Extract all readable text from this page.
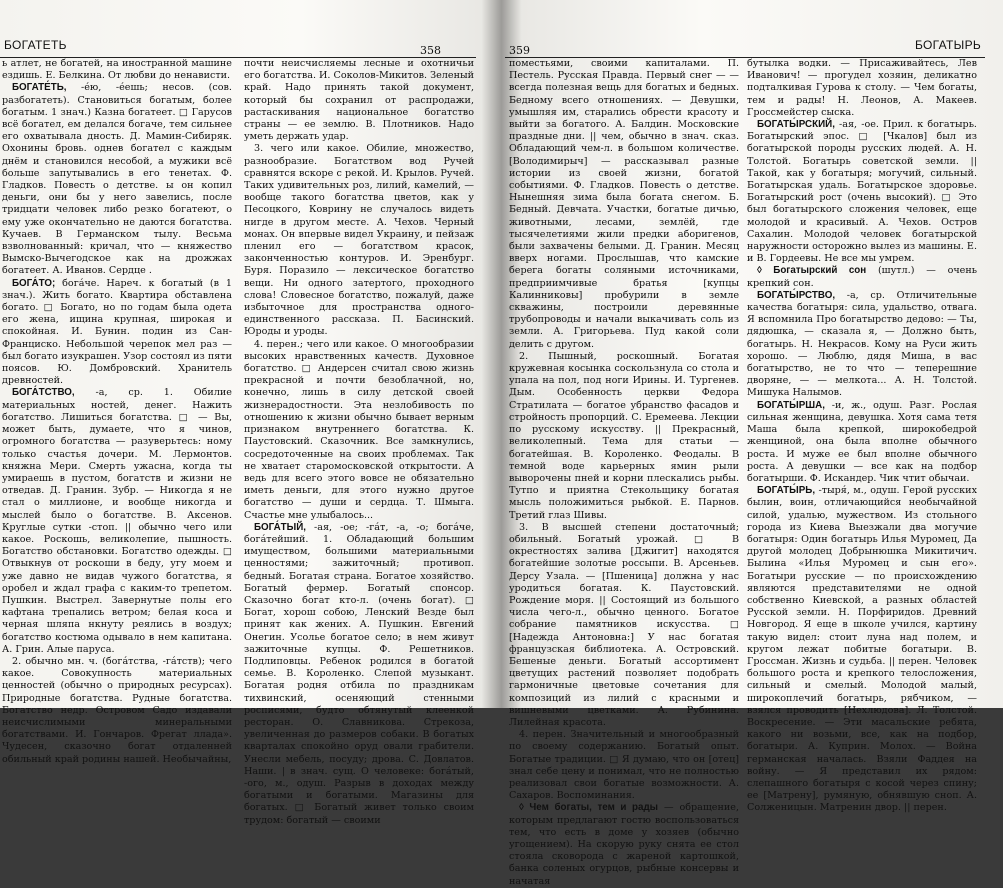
БОГАТЕТЬ	358

ь атлет, не богатей, на иностранной машине ездишь. Е. Белкина. От любви до ненависти.

БОГАТЕ́ТЬ, -е́ю, -е́ешь; несов. (сов. разбогатеть). Становиться богатым, более богатым. 1 знач.) Казна богатеет. □ Гарусов всё богател, ем делался богаче, тем сильнее его охватывала дность. Д. Мамин-Сибиряк. Охонины бровь. однев богател с каждым днём и становился несобой, а мужики всё больше запутывались в его тенетах. Ф. Гладков. Повесть о детстве. ы он копил деньги, они бы у него завелись, после тридцати человек либо резко богатеют, о ему уже окончательно не даются богатства. Кучаев. В Германском тылу. Весьма взволнованный: кричал, что — княжество Вымско-Вычегодское как на дрожжах богатеет. А. Иванов. Сердце .

БОГА́ТО; бога́че. Нареч. к богатый (в 1 знач.). Жить богато. Квартира обставлена богато. □ Богато, но по годам была одета его жена, ищина крупная, широкая и спокойная. И. Бунин. подин из Сан-Франциско. Небольшой черепок мел раз — был богато изукрашен. Узор состоял из пяти поясов. Ю. Домбровский. Хранитель древностей.

БОГА́ТСТВО, -а, ср. 1. Обилие материальных ностей, денег. Нажить богатство. Лишиться богатства. □ — Вы, может быть, думаете, что я чинов, огромного богатства — разуверьтесь: ному только счастья дочери. М. Лермонтов. княжна Мери. Смерть ужасна, когда ты умираешь в пустом, богатств и жизни не отведав. Д. Гранин. Зубр. — Никогда я не стал о миллионе, и вообще никогда и мыслей было о богатстве. В. Аксенов. Круглые сутки -стоп. || обычно чего или какое. Роскошь, великолепие, пышность. Богатство обстановки. Богатство одежды. □ Отвыкнув от роскоши в беду, угу моем и уже давно не видав чужого богатства, я оробел и ждал графа с каким-то трепетом. Пушкин. Выстрел. Завернутые полы его кафтана трепались ветром; белая коса и черная шляпа нкнуту реялись в воздух; богатство костюма одывало в нем капитана. А. Грин. Алые паруса.

2. обычно мн. ч. (бога́тства, -га́тств); чего какое. Совокупность материальных ценностей (обычно о природных ресурсах). Природные богатства. Рудные богатства. Богатство недр. Островом Садо издавали неисчислимыми минеральными богатствами. И. Гончаров. Фрегат ллада». Чудесен, сказочно богат отдаленней обильный край родины нашей. Необычайны,

почти неисчисляемы лесные и охотничьи его богатства. И. Соколов-Микитов. Зеленый край. Надо принять такой документ, который бы сохранил от распродажи, растаскивания национальное богатство страны — ее землю. В. Плотников. Надо уметь держать удар.

3. чего или какое. Обилие, множество, разнообразие. Богатством вод Ручей сравнятся вскоре с рекой. И. Крылов. Ручей. Таких удивительных роз, лилий, камелий, — вообще такого богатства цветов, как у Песоцкого, Коврину не случалось видеть нигде в другом месте. А. Чехов. Черный монах. Он впервые видел Украину, и пейзаж пленил его — богатством красок, законченностью контуров. И. Эренбург. Буря. Поразило — лексическое богатство вещи. Ни одного затертого, проходного слова! Словесное богатство, пожалуй, даже избыточное для пространства одного-единственного рассказа. П. Басинский. Юроды и уроды.

4. перен.; чего или какое. О многообразии высоких нравственных качеств. Духовное богатство. □ Андерсен считал свою жизнь прекрасной и почти безоблачной, но, конечно, лишь в силу детской своей жизнерадостности. Эта незлобивость по отношению к жизни обычно бывает верным признаком внутреннего богатства. К. Паустовский. Сказочник. Все замкнулись, сосредоточенные на своих проблемах. Так не хватает старомосковской открытости. А ведь для всего этого вовсе не обязательно иметь деньги, для этого нужно другое богатство — души и сердца. Т. Шмыга. Счастье мне улыбалось...

БОГА́ТЫЙ, -ая, -ое; -га́т, -а, -о; бога́че, бога́тейший. 1. Обладающий большим имуществом, большими материальными ценностями; зажиточный; противоп. бедный. Богатая страна. Богатое хозяйство. Богатый фермер. Богатый спонсор. Сказочно богат кто-л. (очень богат). □ Богат, хорош собою, Ленский Везде был принят как жених. А. Пушкин. Евгений Онегин. Усолье богатое село; в нем живут зажиточные купцы. Ф. Решетников. Подлиповцы. Ребенок родился в богатой семье. В. Короленко. Слепой музыкант. Богатая родня отбила по праздникам тихвинский, осеняющий стенными росписями, будто обтянутый клеенкой ресторан. О. Славникова. Стрекоза, увеличенная до размеров собаки. В богатых кварталах спокойно оруд овали грабители. Унесли мебель, посуду; дрова. С. Довлатов. Наши. | в знач. сущ. О человеке: бога́тый, -ого, м., одуш. Разрыв в доходах между богатыми и богатыми. Магазины для богатых. □ Богатый живет только своим трудом: богатый — своими

359	БОГАТЫРЬ

поместьями, своими капиталами. П. Пестель. Русская Правда. Первый снег — — всегда полезная вещь для богатых и бедных. Бедному всего отношениях. — Девушки, умышляя им, старались обрести красоту и выйти за богатого. А. Балдин. Московские праздные дни. || чем, обычно в знач. сказ. Обладающий чем-л. в большом количестве. [Володимирыч] — рассказывал разные истории из своей жизни, богатой событиями. Ф. Гладков. Повесть о детстве. Нынешняя зима была богата снегом. Б. Бедный. Девчата. Участки, богатые дичью, животными, лесами, землёй, где тысячелетиями жили предки аборигенов, были захвачены белыми. Д. Гранин. Месяц вверх ногами. Прослышав, что камские берега богаты соляными источниками, предприимчивые братья [купцы Калинниковы] пробурили в земле скважины, построили деревянные трубопроводы и начали выкачивать соль из земли. А. Григорьева. Пуд какой соли делить с другом.

2. Пышный, роскошный. Богатая кружевная косынка соскользнула со стола и упала на пол, под ноги Ирины. И. Тургенев. Дым. Особенность церкви Федора Стратилата — богатое убранство фасадов и стройность пропорций. С. Еремеева. Лекции по русскому искусству. || Прекрасный, великолепный. Тема для статьи — богатейшая. В. Короленко. Феодалы. В темной воде карьерных ямин рыли выворочены пней и корни плескались рыбы. Тутпо и приятна Стекольщику богатая мысль положимиться рыбкой. Е. Парнов. Третий глаз Шивы.

3. В высшей степени достаточный; обильный. Богатый урожай. □ В окрестностях залива [Джигит] находятся богатейшие золотые россыпи. В. Арсеньев. Дерсу Узала. — [Пшеница] должна у нас уродиться богатая. К. Паустовский. Рождение моря. || Состоящий из большого числа чего-л., обычно ценного. Богатое собрание памятников искусства. □ [Надежда Антоновна:] У нас богатая французская библиотека. А. Островский. Бешеные деньги. Богатый ассортимент цветущих растений позволяет подобрать гармоничные цветовые сочетания для композиций из лилий с красными и вишневыми цветками. А. Рубинина. Лилейная красота.

4. перен. Значительный и многообразный по своему содержанию. Богатый опыт. Богатые традиции. □ Я думаю, что он [отец] знал себе цену и понимал, что не полностью реализовал свои богатые возможности. А. Сахаров. Воспоминания.

◊ Чем богаты, тем и рады — обращение, которым предлагают гостю воспользоваться тем, что есть в доме у хозяев (обычно угощением). На скорую руку снята ее стол стояла сковорода с жареной картошкой, банка соленых огурцов, рыбные консервы и начатая

бутылка водки. — Присаживайтесь, Лев Иванович! — прогудел хозяин, деликатно подталкивая Гурова к столу. — Чем богаты, тем и рады! Н. Леонов, А. Макеев. Гроссмейстер сыска.

БОГАТЫ́РСКИЙ, -ая, -ое. Прил. к богатырь. Богатырский эпос. □ [Чкалов] был из богатырской породы русских людей. А. Н. Толстой. Богатырь советской земли. || Такой, как у богатыря; могучий, сильный. Богатырская удаль. Богатырское здоровье. Богатырский рост (очень высокий). □ Это был богатырского сложения человек, еще молодой и красивый. А. Чехов. Остров Сахалин. Молодой человек богатырской наружности осторожно вылез из машины. Е. и В. Гордеевы. Не все мы умрем.

◊ Богатырский сон (шутл.) — очень крепкий сон.

БОГАТЫ́РСТВО, -а, ср. Отличительные качества богатыря: сила, удальство, отвага. Я вспомнила Про богатырство дедово: — Ты, дядюшка, — сказала я, — Должно быть, богатырь. Н. Некрасов. Кому на Руси жить хорошо. — Люблю, дядя Миша, в вас богатырство, не то что — теперешние дворяне, — — мелкота... А. Н. Толстой. Мишука Налымов.

БОГАТЫ́РША, -и, ж., одуш. Разг. Рослая сильная женщина, девушка. Хотя сама тетя Маша была крепкой, широкобедрой женщиной, она была вполне обычного роста. И муже ее был вполне обычного роста. А девушки — все как на подбор богатырши. Ф. Искандер. Чик чтит обычаи.

БОГАТЫ́РЬ, -тыря́, м., одуш. Герой русских былин, воин, отличающийся необычайной силой, удалью, мужеством. Из стольного города из Киева Выезжали два могучие богатыря: Один богатырь Илья Муромец, Да другой молодец Добрынюшка Микитичич. Былина «Илья Муромец и сын его». Богатыри русские — по происхождению являются представителями не одной собственно Киевской, а разных областей Русской земли. Н. Порфиридов. Древний Новгород. Я еще в школе учился, картину такую видел: стоит луна над полем, и кругом лежат побитые богатыри. В. Гроссман. Жизнь и судьба. || перен. Человек большого роста и крепкого телосложения, сильный и смелый. Молодой малый, широкоплечий богатырь, рябчиком, — взялся проводить [Нехлюдова]. Л. Толстой. Воскресение. — Эти масальские ребята, какого ни возьми, все, как на подбор, богатыри. А. Куприн. Молох. — Война германская началась. Взяли Фаддея на войну. — Я представил их рядом: слепашного богатыря с косой через спину; ее [Матрену], румяную, обнявшую сноп. А. Солженицын. Матренин двор. || перен.
